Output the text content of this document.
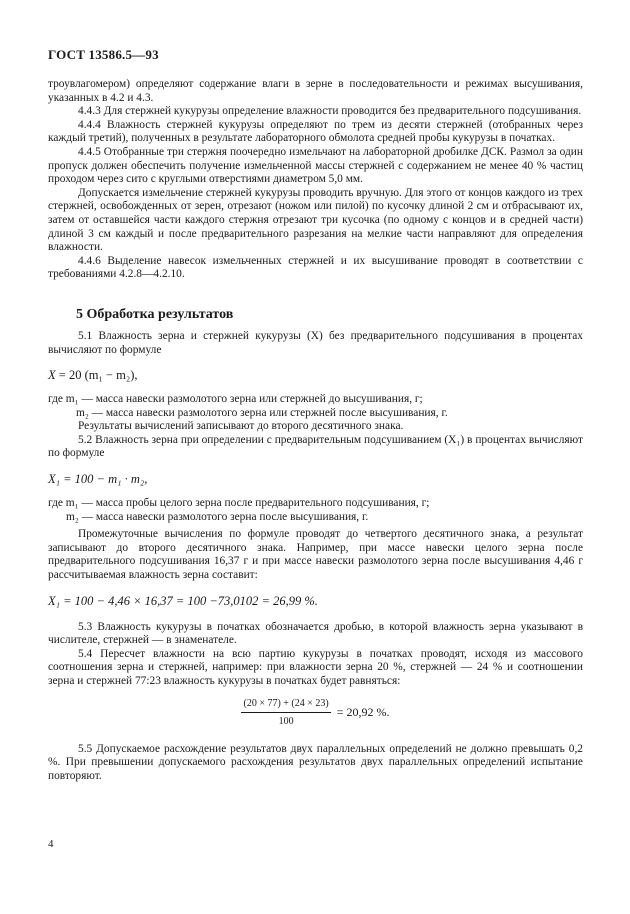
ГОСТ 13586.5—93

троувлагомером) определяют содержание влаги в зерне в последовательности и режимах высушивания, указанных в 4.2 и 4.3.

4.4.3 Для стержней кукурузы определение влажности проводится без предварительного подсушивания.

4.4.4 Влажность стержней кукурузы определяют по трем из десяти стержней (отобранных через каждый третий), полученных в результате лабораторного обмолота средней пробы кукурузы в початках.

4.4.5 Отобранные три стержня поочередно измельчают на лабораторной дробилке ДСК. Размол за один пропуск должен обеспечить получение измельченной массы стержней с содержанием не менее 40 % частиц проходом через сито с круглыми отверстиями диаметром 5,0 мм.

Допускается измельчение стержней кукурузы проводить вручную. Для этого от концов каждого из трех стержней, освобожденных от зерен, отрезают (ножом или пилой) по кусочку длиной 2 см и отбрасывают их, затем от оставшейся части каждого стержня отрезают три кусочка (по одному с концов и в средней части) длиной 3 см каждый и после предварительного разрезания на мелкие части направляют для определения влажности.

4.4.6 Выделение навесок измельченных стержней и их высушивание проводят в соответствии с требованиями 4.2.8—4.2.10.

5 Обработка результатов

5.1 Влажность зерна и стержней кукурузы (X) без предварительного подсушивания в процентах вычисляют по формуле

X = 20 (m₁ − m₂),

где m₁ — масса навески размолотого зерна или стержней до высушивания, г;

m₂ — масса навески размолотого зерна или стержней после высушивания, г.

Результаты вычислений записывают до второго десятичного знака.

5.2 Влажность зерна при определении с предварительным подсушиванием (X₁) в процентах вычисляют по формуле

X₁ = 100 − m₁ · m₂,

где m₁ — масса пробы целого зерна после предварительного подсушивания, г;

m₂ — масса навески размолотого зерна после высушивания, г.

Промежуточные вычисления по формуле проводят до четвертого десятичного знака, а результат записывают до второго десятичного знака. Например, при массе навески целого зерна после предварительного подсушивания 16,37 г и при массе навески размолотого зерна после высушивания 4,46 г рассчитываемая влажность зерна составит:

X₁ = 100 − 4,46 × 16,37 = 100 −73,0102 = 26,99 %.

5.3 Влажность кукурузы в початках обозначается дробью, в которой влажность зерна указывают в числителе, стержней — в знаменателе.

5.4 Пересчет влажности на всю партию кукурузы в початках проводят, исходя из массового соотношения зерна и стержней, например: при влажности зерна 20 %, стержней — 24 % и соотношении зерна и стержней 77:23 влажность кукурузы в початках будет равняться:

$\frac{(20 \times 77) + (24 \times 23)}{100} = 20,92$ %.

5.5 Допускаемое расхождение результатов двух параллельных определений не должно превышать 0,2 %. При превышении допускаемого расхождения результатов двух параллельных определений испытание повторяют.

4
